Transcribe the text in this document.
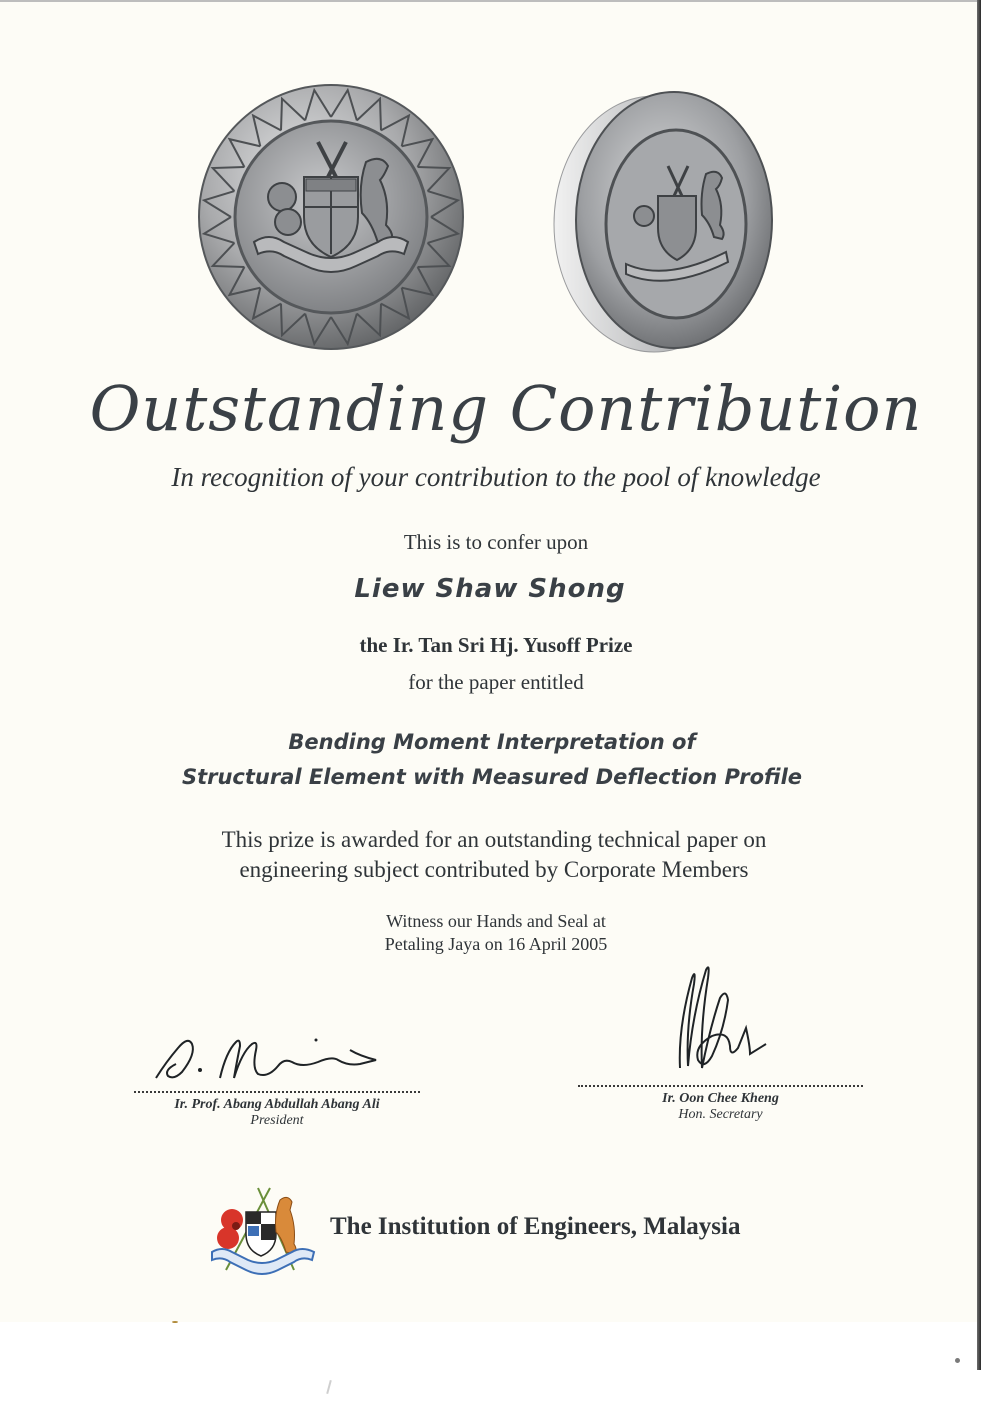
Outstanding Contribution
In recognition of your contribution to the pool of knowledge
This is to confer upon
Liew Shaw Shong
the Ir. Tan Sri Hj. Yusoff Prize
for the paper entitled
Bending Moment Interpretation of
Structural Element with Measured Deflection Profile
This prize is awarded for an outstanding technical paper on
engineering subject contributed by Corporate Members
Witness our Hands and Seal at
Petaling Jaya on 16 April 2005
Ir. Prof. Abang Abdullah Abang Ali
President
Ir. Oon Chee Kheng
Hon. Secretary
The Institution of Engineers, Malaysia
